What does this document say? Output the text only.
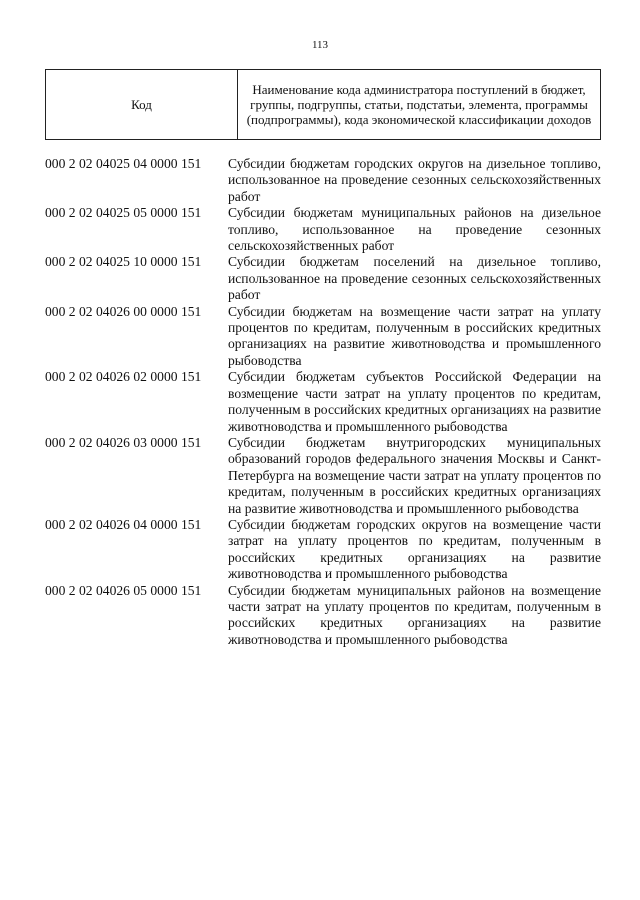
113
Код	Наименование кода администратора поступлений в бюджет, группы, подгруппы, статьи, подстатьи, элемента, программы (подпрограммы), кода экономической классификации доходов
000 2 02 04025 04 0000 151	Субсидии бюджетам городских округов на дизельное топливо, использованное на проведение сезонных сельскохозяйственных работ
000 2 02 04025 05 0000 151	Субсидии бюджетам муниципальных районов на дизельное топливо, использованное на проведение сезонных сельскохозяйственных работ
000 2 02 04025 10 0000 151	Субсидии бюджетам поселений на дизельное топливо, использованное на проведение сезонных сельскохозяйственных работ
000 2 02 04026 00 0000 151	Субсидии бюджетам на возмещение части затрат на уплату процентов по кредитам, полученным в российских кредитных организациях на развитие животноводства и промышленного рыбоводства
000 2 02 04026 02 0000 151	Субсидии бюджетам субъектов Российской Федерации на возмещение части затрат на уплату процентов по кредитам, полученным в российских кредитных организациях на развитие животноводства и промышленного рыбоводства
000 2 02 04026 03 0000 151	Субсидии бюджетам внутригородских муниципальных образований городов федерального значения Москвы и Санкт-Петербурга на возмещение части затрат на уплату процентов по кредитам, полученным в российских кредитных организациях на развитие животноводства и промышленного рыбоводства
000 2 02 04026 04 0000 151	Субсидии бюджетам городских округов на возмещение части затрат на уплату процентов по кредитам, полученным в российских кредитных организациях на развитие животноводства и промышленного рыбоводства
000 2 02 04026 05 0000 151	Субсидии бюджетам муниципальных районов на возмещение части затрат на уплату процентов по кредитам, полученным в российских кредитных организациях на развитие животноводства и промышленного рыбоводства
